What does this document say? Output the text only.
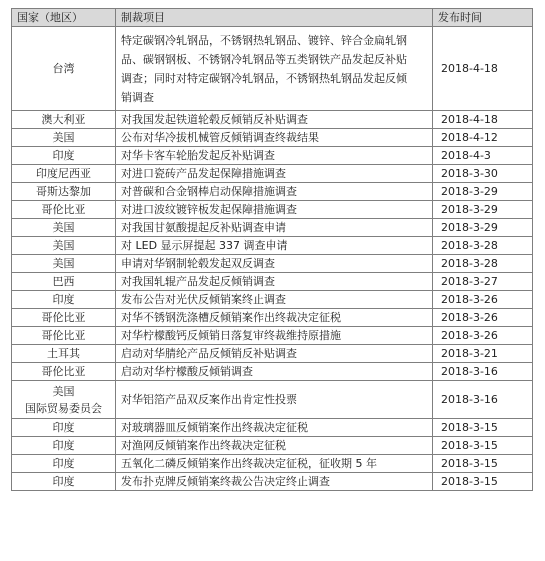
国家（地区）	制裁项目	发布时间

台湾	特定碳钢冷轧钢品，不锈钢热轧钢品、镀锌、锌合金扁轧钢
品、碳钢钢板、不锈钢冷轧钢品等五类钢铁产品发起反补贴
调查；同时对特定碳钢冷轧钢品，不锈钢热轧钢品发起反倾
销调查	2018-4-18

澳大利亚	对我国发起铁道轮毂反倾销反补贴调查	2018-4-18

美国	公布对华冷拔机械管反倾销调查终裁结果	2018-4-12

印度	对华卡客车轮胎发起反补贴调查	2018-4-3

印度尼西亚	对进口瓷砖产品发起保障措施调查	2018-3-30

哥斯达黎加	对普碳和合金钢棒启动保障措施调查	2018-3-29

哥伦比亚	对进口波纹镀锌板发起保障措施调查	2018-3-29

美国	对我国甘氨酸提起反补贴调查申请	2018-3-29

美国	对 LED 显示屏提起 337 调查申请	2018-3-28

美国	申请对华钢制轮毂发起双反调查	2018-3-28

巴西	对我国轧辊产品发起反倾销调查	2018-3-27

印度	发布公告对光伏反倾销案终止调查	2018-3-26

哥伦比亚	对华不锈钢洗涤槽反倾销案作出终裁决定征税	2018-3-26

哥伦比亚	对华柠檬酸钙反倾销日落复审终裁维持原措施	2018-3-26

土耳其	启动对华腈纶产品反倾销反补贴调查	2018-3-21

哥伦比亚	启动对华柠檬酸反倾销调查	2018-3-16

美国
国际贸易委员会	对华铝箔产品双反案作出肯定性投票	2018-3-16

印度	对玻璃器皿反倾销案作出终裁决定征税	2018-3-15

印度	对渔网反倾销案作出终裁决定征税	2018-3-15

印度	五氧化二磷反倾销案作出终裁决定征税，征收期 5 年	2018-3-15

印度	发布扑克牌反倾销案终裁公告决定终止调查	2018-3-15
